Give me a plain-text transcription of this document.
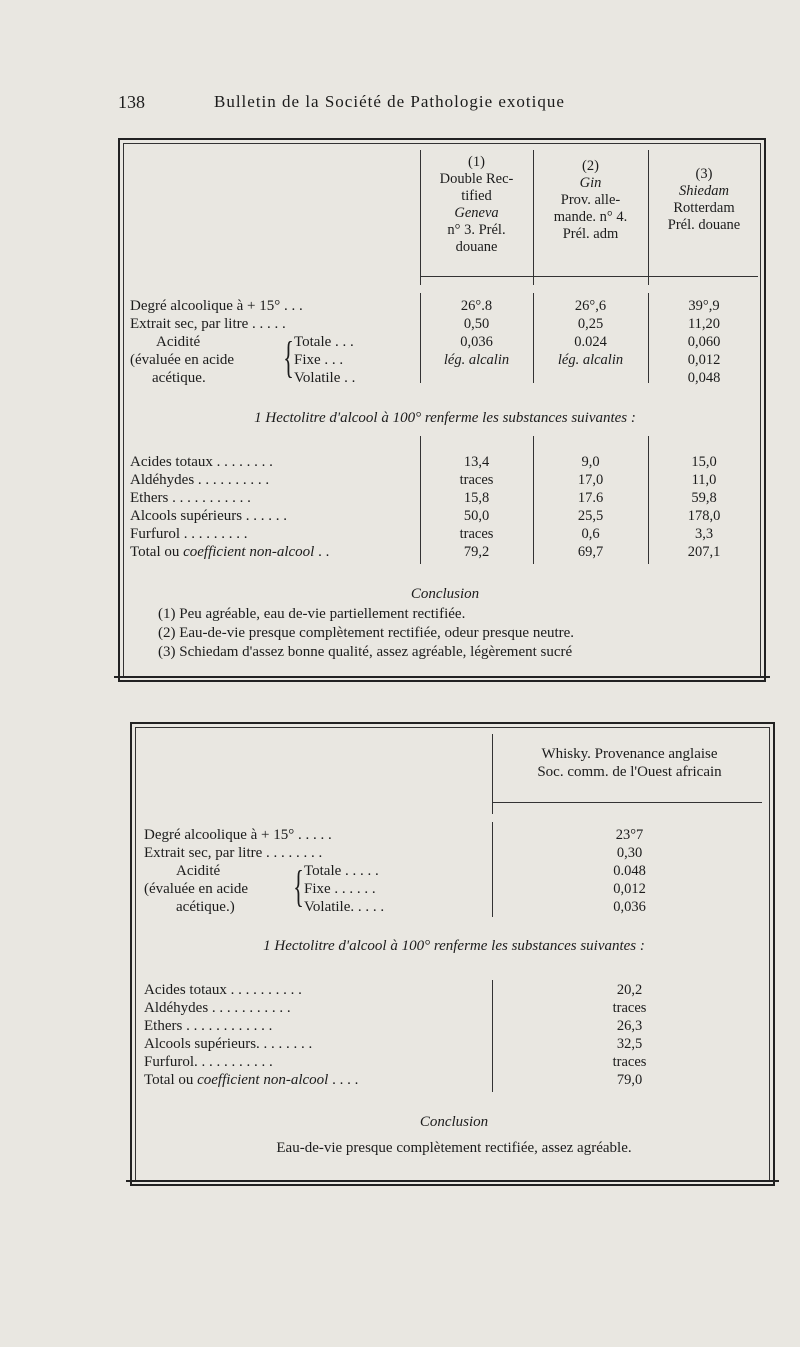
138	Bulletin de la Société de Pathologie exotique
(1)
Double Rec-
tified
Geneva
n° 3. Prél.
douane
(2)
Gin
Prov. alle-
mande. n° 4.
Prél. adm
(3)
Shiedam
Rotterdam
Prél. douane
Degré alcoolique à + 15° . . .
Extrait sec, par litre . . . . .
Acidité
(évaluée en acide
acétique. { Totale . . .
Fixe . . .
Volatile . .
26°.8
0,50
0,036
lég. alcalin
26°,6
0,25
0.024
lég. alcalin
39°,9
11,20
0,060
0,012
0,048
1 Hectolitre d'alcool à 100° renferme les substances suivantes :
Acides totaux . . . . . . . .
Aldéhydes . . . . . . . . . .
Ethers . . . . . . . . . . .
Alcools supérieurs . . . . . .
Furfurol . . . . . . . . .
Total ou coefficient non-alcool . .
13,4
traces
15,8
50,0
traces
79,2
9,0
17,0
17.6
25,5
0,6
69,7
15,0
11,0
59,8
178,0
3,3
207,1
Conclusion
(1) Peu agréable, eau de-vie partiellement rectifiée.
(2) Eau-de-vie presque complètement rectifiée, odeur presque neutre.
(3) Schiedam d'assez bonne qualité, assez agréable, légèrement sucré
Whisky. Provenance anglaise
Soc. comm. de l'Ouest africain
Degré alcoolique à + 15° . . . . .
Extrait sec, par litre . . . . . . . .
Acidité
(évaluée en acide
acétique.) { Totale . . . . .
Fixe . . . . . .
Volatile. . . . .
23°7
0,30
0.048
0,012
0,036
1 Hectolitre d'alcool à 100° renferme les substances suivantes :
Acides totaux . . . . . . . . . .
Aldéhydes . . . . . . . . . . .
Ethers . . . . . . . . . . . .
Alcools supérieurs. . . . . . . .
Furfurol. . . . . . . . . . .
Total ou coefficient non-alcool . . . .
20,2
traces
26,3
32,5
traces
79,0
Conclusion
Eau-de-vie presque complètement rectifiée, assez agréable.
